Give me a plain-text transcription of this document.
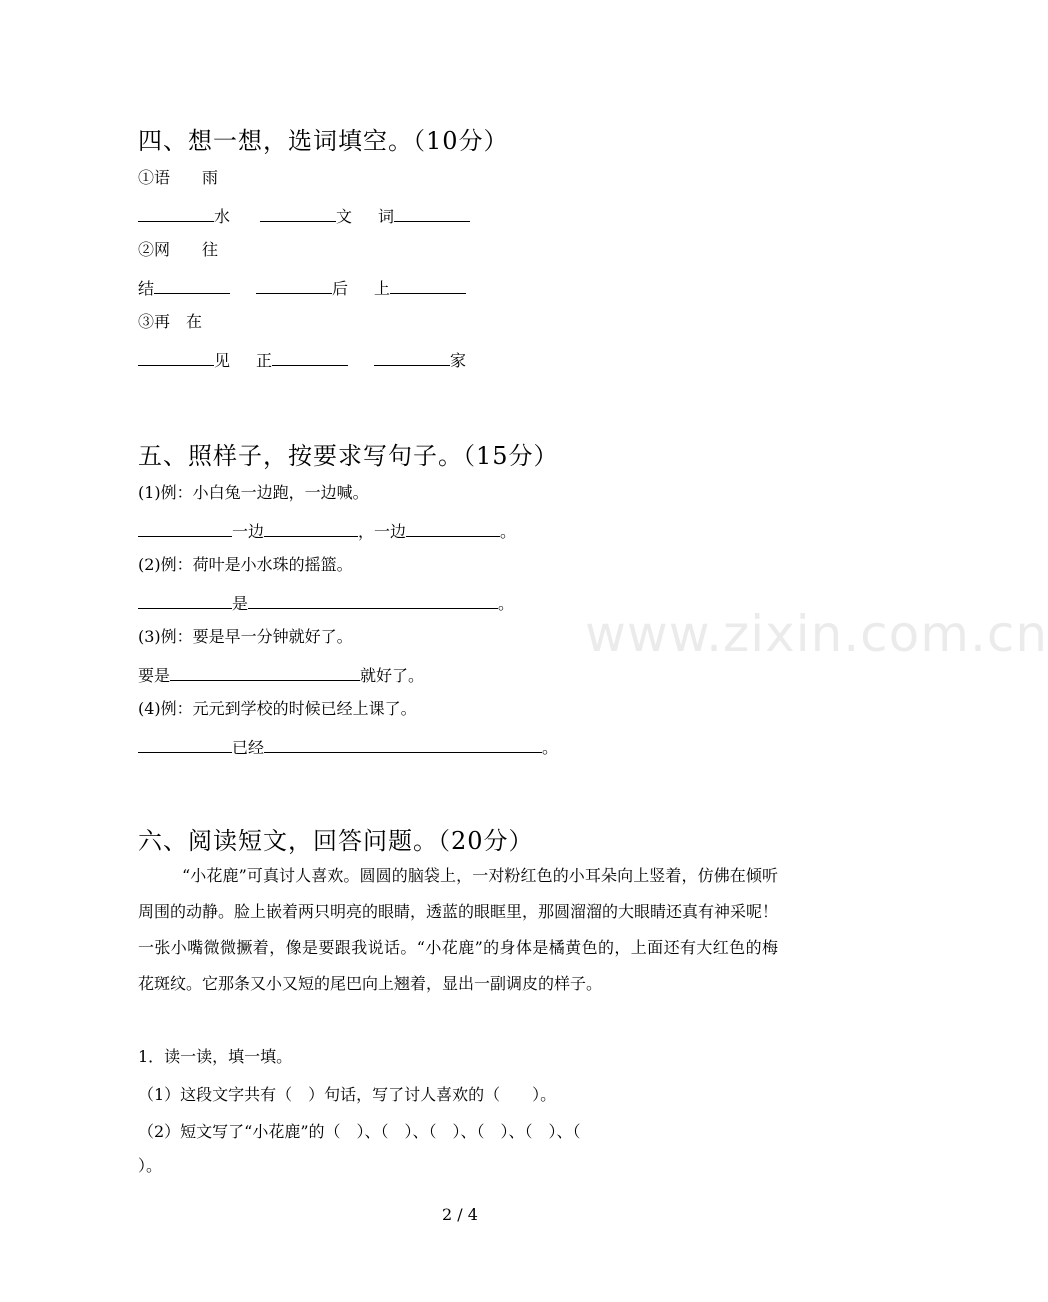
四、想一想，选词填空。（10分）
①语　　雨
水	文 词
②网　　往
结	后 上
③再　在
见 正	家
五、照样子，按要求写句子。（15分）
(1)例：小白兔一边跑，一边喊。
一边	，一边	。
(2)例：荷叶是小水珠的摇篮。
是	。
(3)例：要是早一分钟就好了。
要是	就好了。
(4)例：元元到学校的时候已经上课了。
已经	。
六、阅读短文，回答问题。（20分）

“小花鹿”可真讨人喜欢。圆圆的脑袋上，一对粉红色的小耳朵向上竖着，仿佛在倾听周围的动静。脸上嵌着两只明亮的眼睛，透蓝的眼眶里，那圆溜溜的大眼睛还真有神采呢！一张小嘴微微撅着，像是要跟我说话。“小花鹿”的身体是橘黄色的，上面还有大红色的梅花斑纹。它那条又小又短的尾巴向上翘着，显出一副调皮的样子。

1．读一读，填一填。
（1）这段文字共有（　）句话，写了讨人喜欢的（　　）。
（2）短文写了“小花鹿”的（　）、（　）、（　）、（　）、（　）、（
）。
2 / 4
www.zixin.com.cn
